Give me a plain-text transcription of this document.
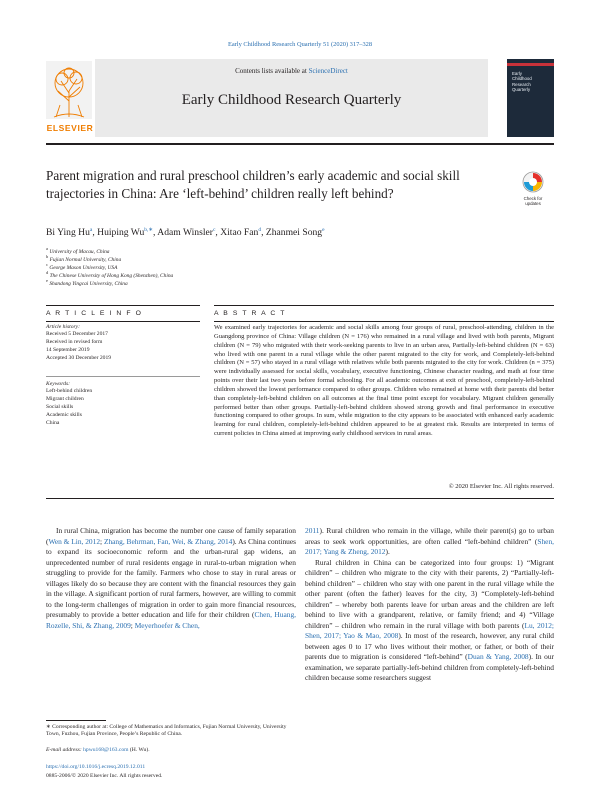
Early Childhood Research Quarterly 51 (2020) 317–328
Contents lists available at ScienceDirect
Early Childhood Research Quarterly
ELSEVIER
Early
Childhood
Research
Quarterly
Parent migration and rural preschool children’s early academic and social skill trajectories in China: Are ‘left-behind’ children really left behind?	Check for
updates
Bi Ying Hu$^a$, Huiping $Wu^{b,∗}$, Adam Winsler$^c$, Xitao Fan$^d$, Zhanmei Song$^e$
$^a$ University of Macau, China
$^b$ Fujian Normal University, China
$^c$ George Mason University, USA
$^d$ The Chinese University of Hong Kong (Shenzhen), China
$^e$ Shandong Yingcai University, China
A R T I C L E I N F O
Article history:
Received 5 December 2017
Received in revised form
14 September 2019
Accepted 30 December 2019
Keywords:
Left-behind children
Migrant children
Social skills
Academic skills
China
A B S T R A C T
We examined early trajectories for academic and social skills among four groups of rural, preschool-attending, children in the Guangdong province of China: Village children (N = 176) who remained in a rural village and lived with both parents, Migrant children (N = 79) who migrated with their work-seeking parents to live in an urban area, Partially-left-behind children (N = 63) who lived with one parent in a rural village while the other parent migrated to the city for work, and Completely-left-behind children (N = 57) who stayed in a rural village with relatives while both parents migrated to the city for work. Children (n = 375) were individually assessed for social skills, vocabulary, executive functioning, Chinese character reading, and math at four time points over their last two years before formal schooling. For all academic outcomes at exit of preschool, completely-left-behind children showed the lowest performance compared to other groups. Children who remained at home with their parents did better than completely-left-behind children on all outcomes at the final time point except for vocabulary. Migrant children generally performed better than other groups. Partially-left-behind children showed strong growth and final performance in executive functioning compared to other groups. In sum, while migration to the city appears to be associated with enhanced early academic learning for rural children, completely-left-behind children appeared to be at greatest risk. Results are interpreted in terms of current policies in China aimed at improving early childhood services in rural areas.
© 2020 Elsevier Inc. All rights reserved.

In rural China, migration has become the number one cause of family separation (Wen & Lin, 2012; Zhang, Behrman, Fan, Wei, & Zhang, 2014). As China continues to expand its socioeconomic reform and the urban-rural gap widens, an unprecedented number of rural residents engage in rural-to-urban migration when struggling to provide for the family. Farmers who chose to stay in rural areas or villages likely do so because they are content with the financial resources they gain in the village. A significant portion of rural farmers, however, are willing to commit to the long-term challenges of migration in order to gain more financial resources, presumably to provide a better education and life for their children (Chen, Huang, Rozelle, Shi, & Zhang, 2009; Meyerhoefer & Chen,

2011). Rural children who remain in the village, while their parent(s) go to urban areas to seek work opportunities, are often called “left-behind children” (Shen, 2017; Yang & Zheng, 2012).

Rural children in China can be categorized into four groups: 1) “Migrant children” – children who migrate to the city with their parents, 2) “Partially-left-behind children” – children who stay with one parent in the rural village while the other parent (often the father) leaves for the city, 3) “Completely-left-behind children” – whereby both parents leave for urban areas and the children are left behind to live with a grandparent, relative, or family friend; and 4) “Village children” – children who remain in the rural village with both parents (Lu, 2012; Shen, 2017; Yao & Mao, 2008). In most of the research, however, any rural child between ages 0 to 17 who lives without their mother, or father, or both of their parents due to migration is considered “left-behind” (Duan & Yang, 2008). In our examination, we separate partially-left-behind children from completely-left-behind children because some researchers suggest

∗ Corresponding author at: College of Mathematics and Informatics, Fujian Normal University, University Town, Fuzhou, Fujian Province, People’s Republic of China.
E-mail address: hpwu168@163.com (H. Wu).
https://doi.org/10.1016/j.ecresq.2019.12.011
0885-2006/© 2020 Elsevier Inc. All rights reserved.
